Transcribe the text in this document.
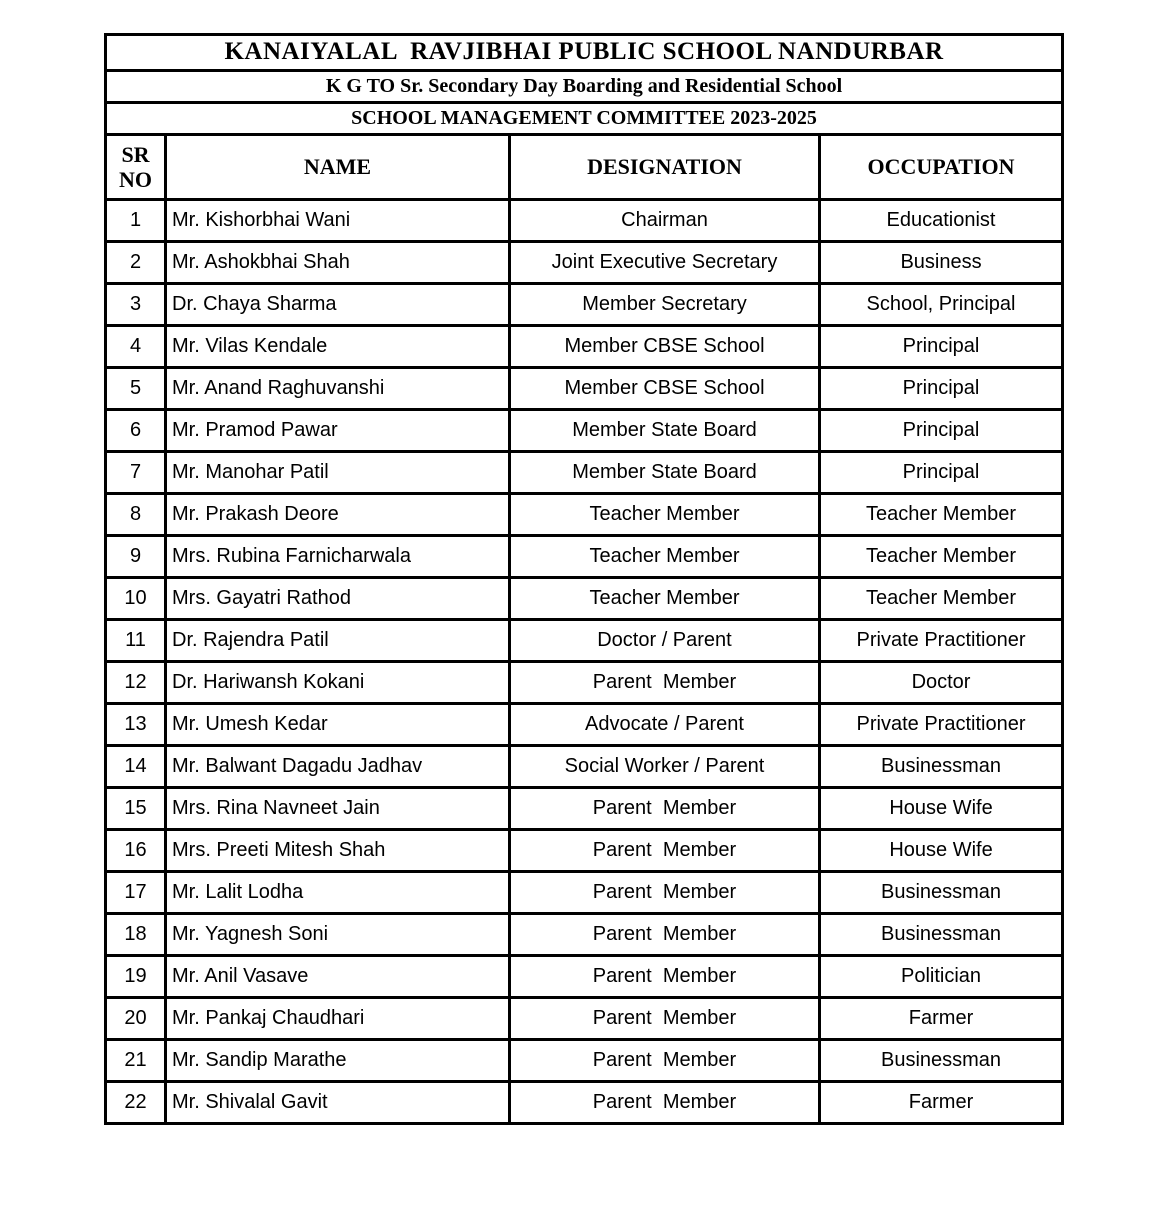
KANAIYALAL  RAVJIBHAI PUBLIC SCHOOL NANDURBAR			
K G TO Sr. Secondary Day Boarding and Residential School			
SCHOOL MANAGEMENT COMMITTEE 2023-2025			
SR NO	NAME	DESIGNATION	OCCUPATION
1	Mr. Kishorbhai Wani	Chairman	Educationist
2	Mr. Ashokbhai Shah	Joint Executive Secretary	Business
3	Dr. Chaya Sharma	Member Secretary	School, Principal
4	Mr. Vilas Kendale	Member CBSE School	Principal
5	Mr. Anand Raghuvanshi	Member CBSE School	Principal
6	Mr. Pramod Pawar	Member State Board	Principal
7	Mr. Manohar Patil	Member State Board	Principal
8	Mr. Prakash Deore	Teacher Member	Teacher Member
9	Mrs. Rubina Farnicharwala	Teacher Member	Teacher Member
10	Mrs. Gayatri Rathod	Teacher Member	Teacher Member
11	Dr. Rajendra Patil	Doctor / Parent	Private Practitioner
12	Dr. Hariwansh Kokani	Parent  Member	Doctor
13	Mr. Umesh Kedar	Advocate / Parent	Private Practitioner
14	Mr. Balwant Dagadu Jadhav	Social Worker / Parent	Businessman
15	Mrs. Rina Navneet Jain	Parent  Member	House Wife
16	Mrs. Preeti Mitesh Shah	Parent  Member	House Wife
17	Mr. Lalit Lodha	Parent  Member	Businessman
18	Mr. Yagnesh Soni	Parent  Member	Businessman
19	Mr. Anil Vasave	Parent  Member	Politician
20	Mr. Pankaj Chaudhari	Parent  Member	Farmer
21	Mr. Sandip Marathe	Parent  Member	Businessman
22	Mr. Shivalal Gavit	Parent  Member	Farmer
